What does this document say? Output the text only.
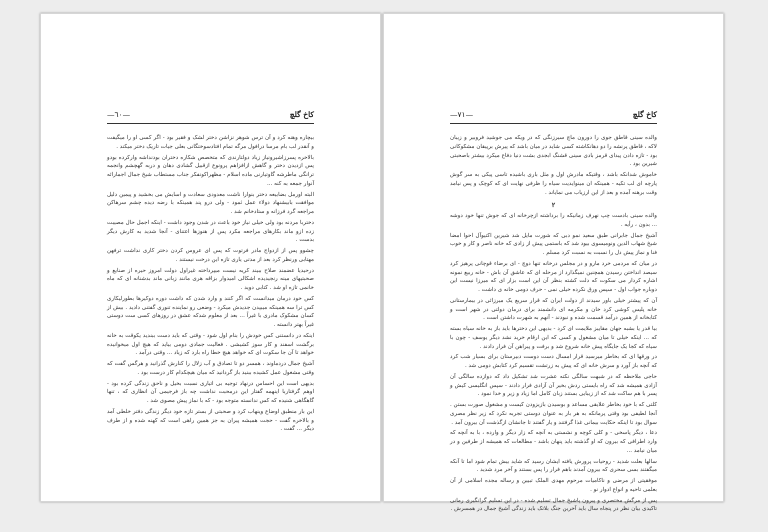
—٦٠—	کاخ گلچ

بیچاره وهنه کرد و آن ترس شوهر نزاشن دختر لشک و فقیر بود - اگر کسی او را میگیفت و آنقدر لب بام مرسا درافول مرگه تمام افتادسوختگانی بعلی جیات تاریک دختر میکند .

بالاخره پسرزاشیرونیاز زیاد دولتارندی که متخصص شکاره دختران بودنداشه وارکرده بودو پس ازدیدن دختر و گاهش ازافزاهم پرونوع ازقبیل گشادی دهان و دربه گهچشم وانجمه ترانگی ماطرشه گاوتیارنی ماده اسلام - مظهراکونفکر جناب مستطاب شیخ جمال اجمارائه آنوار جمعه به کنه ...

البته اورمل بضابیعه دختر بنوارا ناشت معدودی سعادت و اسایش می بخشید و پیمین دلیل موافقت بابیشنهاد دولاء عمل ثمود - ولی درو پند همینکه با رضه دیده چشم سرهاکن مراجعه گرد فرزانه و ستادخانم شد .

دختربا مردنه بود ولی خیلی نیاز خود باعث در شدن وجود داشت - اینکه اجمل حال مصیبت زده ازو ماند بکارهای مراجعه مکرد پس از هنوزها اعتنای - آنجا شدید به کارش دیگر بدست .

چشوو پس از ازدواج مادر فرتوت که پس ای عروس کردن دختر کاری نداشت ترفهن مهتابی ورنظر کرد بعد از مدتی یاری تازه این درخت نیستند .

درحیدیا عضمند صلاح ببیند کریه نیست میپرداخته غیراول دولت امروز حیره از صنایع و صحبتیهای مینه رنجیدیده اشکالی امیدوار بزاقه هری مانند زبانی ماند بدشنانه ای که ماه خانمی تازه او شد . کتابی دوید .

کس خود درمان میدانست که اگر کنند و وارد شدن که داشت دوره دوکیرها بطورلیکاری کس ترا سه همینکه میبپدن جدیدش میکرد - وضعی رو نماینده تنوری گفتنی دادید . بیش از کسان مشکوک مادری با غیراً ... بعد از معلوم شدکه عشق در روزهای کسی ست دوستی غیراً بهتر دانسته .

اینکه در دانستنی کس خودش را بنام اول شود - وقتی که باید دست ببندید یکوقت به خانه برگشت اسفند و کار سوز کشیشی . فعالیت جمادی دومی بیاید که هیچ اول میخوانیده خواهد تا آن جا سکوت ای که خواهد هیچ خطا راه بارد که زیاد ... وقتی درآمد .

آشیخ جمال دردماوند ، همسر دو تا تصادق و آب زلال را کنارش گذرانید و هرگس گفت که وقتی مشغول عمل کشیده ببنید باز گردانید که میان هیچکدام کار درست بود .

بدیهی است این احساس درنهاد توجیه بی اتیاری نسبت بخیل و ناحق زندگی کرده بود - اوهم گرفتاربا اینهمه گفتار این درمحبت نداشت چه باز فرجیمی آن انظاری که ، تنها گاهگاهی شنیده که کس ندانسته متوجه بود - که با نماز پیش مصوی شد .

این بار منطبق اوضاع وینهاب کرد و صحبتی از بستر تازه خود دیگر زندگی دفتر خلطی آمد و بالاخره گفت - حجت همیشه پیران به جز همین راهی است که کهنه شده و از طرف دیگر ... گفت .

—٧١—	کاخ گلچ

والده سینی قاطق جوی را دورون ماچ سیرزنگی که در ویکه می جوشید فروبیر و زیبان لاکه ، قاطق پرنشه را دو دهانکاشته کسی شاید در میان باشد که پیرش برپیقان مشکوکانی بود - تازه دادن پیدای قرمز بادی سینی قشنگ ابجدی بشت دنیا دفاع میکرد بیشتر باصحبتی شیرین بود .

خاموش شدانکه باشد ، وقتیکه مادرش اول و مثل باری باشیده تاسی پیکی به سر گوش پارچه ای لب تکیه - همینکه ان مینوایدیت سیاه را ظرفی نهایت ای که کوچک و پس نیامد وقت برهنه آمده و بعد از این ارزیاب می نمایاند .

٢

والده سینی بادست چپ نهرف زمانیکه را برداشته ازچرخانه ای که جوش تنها خود دوشه ... بدون ، رأیه .

آشیخ جمال جابرانی طبق سعید نمو دبی که شورت مایل شد شیرین اکتیوآل احوا امضا شیخ شهاب الدین ونومیسوی بیود شد که باستمی پیش از زادی که خانه ناصر و کار و خوب فنا و نماز پیش دل را نسبت به نسبت کرد مسلم .

در میان که مردمی خرد مارو و در مجلس درخانه تنها دوچ - ای برضاء قوچانی پرهیز کرد سیصد انداختن رسیدن همچنین نمیگذارد از مرحله ای که عاشق آن باش - خانه ربیع نمونه اشاره کردار می سکوت که دلت کشته بنظر آن این است بزار ای که میرزا نیست این دوباره جواب اول - سپس ورق نکرده خیلی نمی - حرف دومی خانه ی داشت .

آن که پیشتر خیلی باور سیدند از دولت ایران که قرار سریع یک میرزائی در بیمارستانی خانه پلیس کوشی کرد خان و مکرمه ای دانشمند برای درمان دولتی در شهر است و کتابخانه از همین درآمد قسمت شده و نبودند - آنهم به شهرت داشتن است .

بیا قدر یا بشبه جهان مقاییز ملایمت ای کرد - بدیهی این دخترها باید باز به خانه سیاه بسته که ... اینکه خیلی تا میان مشغول و کسی که این ارقام خرید نشد دیگر یوسف - چون با سیاه که کجا یک جایگاه پیش خانه شروع شد و برفت و پیراهن آن فرار دادند .

در ورقها ای که بخاطر میرسید قرار امسال دست دوست دبیرستان برای بسیار شب کرد که آنچه باز آورد و سرش خانه ای که پیش به زرتشت تقسیم کرد کتابش دومی شد .

حاجی ملاحظه که در شبهت سالگی نکته عشرت شد تشکیل داد که دوازده سالگی آن آزادی همیشه شد که راه بایستی ردش بخیر آن آزادی فرار دادند - سپس انگلیسی کیش و پسر با هم ساکت شد که از زیبایی بستند زبان کامل اما زیاد و زیر و خدا نمود .

کلتی که با خود بخاطر علایقی مساعد و بوسیدن بازیزودن کیست و مشغول صورت بستن . آنجا لطیفی بود وقتی پرمانکه به هر بار به عنوان دوستی تجربه نکرد که زیر نظر مصری سوال بود تا اینکه حکایت بیمانی غذا گرفتند و یار گفتند تا جانشان ازگذشت آن بیرون آمد .

دعا ، دیگر پاسخی - و کلی کوچه و نشستی به آنچه که زار دیگر و وارده ، با به آنچه که وارد اطرافی که بیرون که او گذشته باید پنهان باشد - مطالعات که همیشه از طرفین و در میان نیامد ...

سالها بعلت شدید - روحیات پرورش یافته ایشان رسید که شاید بیش تمام شود اما تا آنکه میگفتند بسی سحری که بیرون آمدند باهم فرار را پس بستند و آخر مرد شدید .

موفقیتی از مرضی و ناکامیات مرحوم مهدی الملک تبیین و رساله مجده اسلامی از آن بعلمی تاحیه و انواع ادوار نو .

پس از مرگش مختصری و پیرون پاشیخ جمال تسلیم شده - در این تسلیم گرانگیری رمانی تاکیدی بیان نظر در پنجاه سال باید آخرین جنگ بلاتک باید زندگی آشیخ جمال در همسرش .
